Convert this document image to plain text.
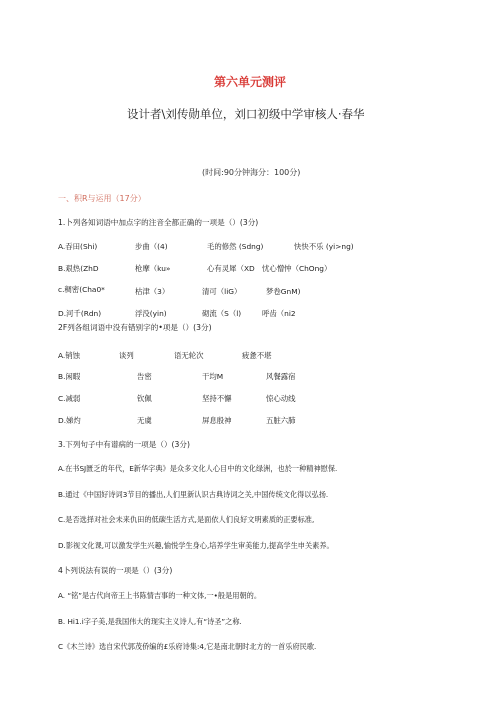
第六单元测评

设计者\刘传勋单位，刘口初级中学审核人·春华

(时间:90分钟海分：100分)

一、积R与运用（17分）

1.卜列各知词语中加点字的注音全都正确的一项是（）(3分)

A.吞田(Shi)	步曲（(4)	毛的修然 (Sdng)	快快不乐 (yi>ng)
B.艰热(ZhD	枪摩（ku»	心有灵犀（XD 忧心憎忡（ChOng）
c.稠密(Cha0*	枯津（3）	清可（liG）	梦卷GnM)
D.河千(Rdn)	浮没(yin)	砌流（S（l)	呼齿（ni2

2F列各组词语中没有错别字的•项是（）(3分)

A.销蚀	谈列	语无轮次	疲惫不堪
B.闲暇	告密	干均M	风餐露宿
C.减弱	钦佩	坚持不懈	惊心动线
D.娣灼	无虞	屏息殷神	五脏六肺

3.下列句子中有谱病的一项是（）(3分)

A.在书SJ匮乏的年代，E新华字典》是众多文化人心目中的文化绿洲，也於一种精神慰保.

B.通过《中国好诗词3节目的播出,人们里新认识古典诗词之关,中国传统文化得以弘扬.

C.是否选择对社会未来仇田的低碳生活方式,是面依人们良好文明素质的正要标准,

D.影视文化课,可以激发学生兴趣,愉悦学生身心,培养学生审美能力,提高学生申关素养。

4卜列说法有误的一项是（）(3分)

A. “铭”是古代向帝王上书陈情吉事的一种文体,一•般是用朝的。

B. Hi1.i字子美,是我国伟大的现实主义诗人,有“诗圣”之称.

C《木兰诗》选自宋代郭茂侨编的£乐府诗集:4,它是南北朝时北方的一首乐府民歌.
